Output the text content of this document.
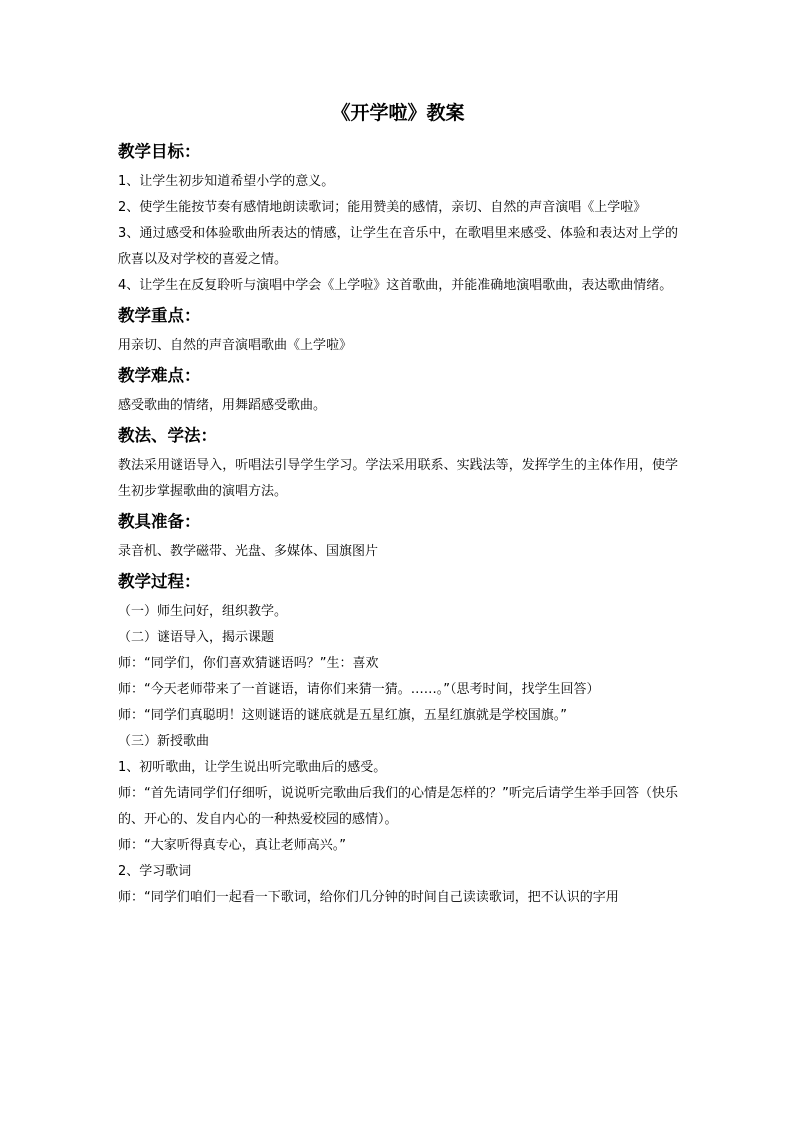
《开学啦》教案
教学目标：

1、让学生初步知道希望小学的意义。

2、使学生能按节奏有感情地朗读歌词；能用赞美的感情，亲切、自然的声音演唱《上学啦》

3、通过感受和体验歌曲所表达的情感，让学生在音乐中，在歌唱里来感受、体验和表达对上学的欣喜以及对学校的喜爱之情。

4、让学生在反复聆听与演唱中学会《上学啦》这首歌曲，并能准确地演唱歌曲，表达歌曲情绪。

教学重点：

用亲切、自然的声音演唱歌曲《上学啦》

教学难点：

感受歌曲的情绪，用舞蹈感受歌曲。

教法、学法：

教法采用谜语导入，听唱法引导学生学习。学法采用联系、实践法等，发挥学生的主体作用，使学生初步掌握歌曲的演唱方法。

教具准备：

录音机、教学磁带、光盘、多媒体、国旗图片

教学过程：

（一）师生问好，组织教学。

（二）谜语导入，揭示课题

师：“同学们，你们喜欢猜谜语吗？”生：喜欢

师：“今天老师带来了一首谜语，请你们来猜一猜。……。”（思考时间，找学生回答）

师：“同学们真聪明！这则谜语的谜底就是五星红旗，五星红旗就是学校国旗。”

（三）新授歌曲

1、初听歌曲，让学生说出听完歌曲后的感受。

师：“首先请同学们仔细听，说说听完歌曲后我们的心情是怎样的？”听完后请学生举手回答（快乐的、开心的、发自内心的一种热爱校园的感情）。

师：“大家听得真专心，真让老师高兴。”

2、学习歌词

师：“同学们咱们一起看一下歌词，给你们几分钟的时间自己读读歌词，把不认识的字用
